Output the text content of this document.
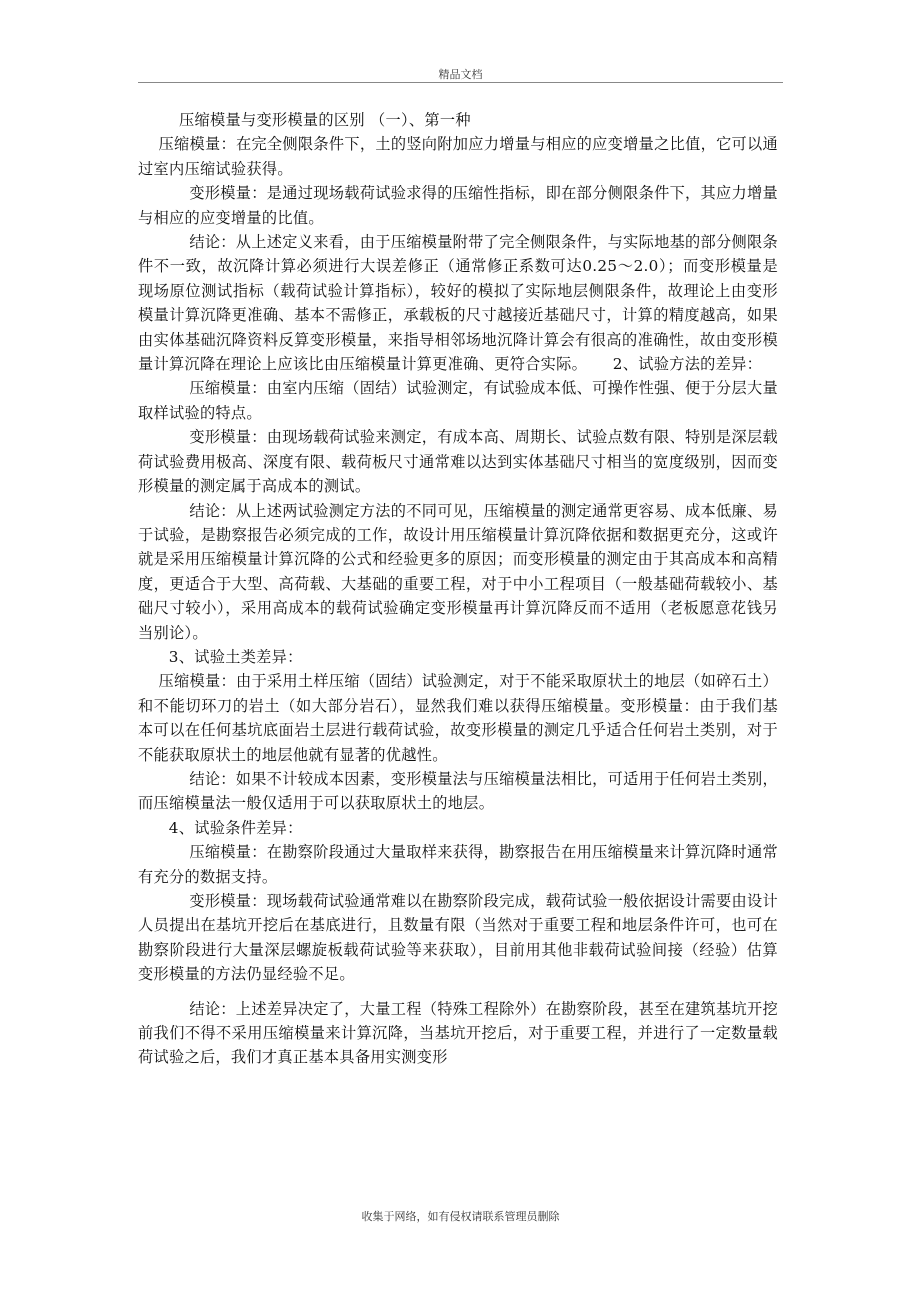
精品文档

压缩模量与变形模量的区别 （一）、第一种

压缩模量：在完全侧限条件下，土的竖向附加应力增量与相应的应变增量之比值，它可以通过室内压缩试验获得。

变形模量：是通过现场载荷试验求得的压缩性指标，即在部分侧限条件下，其应力增量与相应的应变增量的比值。

结论：从上述定义来看，由于压缩模量附带了完全侧限条件，与实际地基的部分侧限条件不一致，故沉降计算必须进行大误差修正（通常修正系数可达0.25～2.0）；而变形模量是现场原位测试指标（载荷试验计算指标），较好的模拟了实际地层侧限条件，故理论上由变形模量计算沉降更准确、基本不需修正，承载板的尺寸越接近基础尺寸，计算的精度越高，如果由实体基础沉降资料反算变形模量，来指导相邻场地沉降计算会有很高的准确性，故由变形模量计算沉降在理论上应该比由压缩模量计算更准确、更符合实际。     2、试验方法的差异：

压缩模量：由室内压缩（固结）试验测定，有试验成本低、可操作性强、便于分层大量取样试验的特点。

变形模量：由现场载荷试验来测定，有成本高、周期长、试验点数有限、特别是深层载荷试验费用极高、深度有限、载荷板尺寸通常难以达到实体基础尺寸相当的宽度级别，因而变形模量的测定属于高成本的测试。

结论：从上述两试验测定方法的不同可见，压缩模量的测定通常更容易、成本低廉、易于试验，是勘察报告必须完成的工作，故设计用压缩模量计算沉降依据和数据更充分，这或许就是采用压缩模量计算沉降的公式和经验更多的原因；而变形模量的测定由于其高成本和高精度，更适合于大型、高荷载、大基础的重要工程，对于中小工程项目（一般基础荷载较小、基础尺寸较小），采用高成本的载荷试验确定变形模量再计算沉降反而不适用（老板愿意花钱另当别论）。

3、试验土类差异：

压缩模量：由于采用土样压缩（固结）试验测定，对于不能采取原状土的地层（如碎石土）和不能切环刀的岩土（如大部分岩石），显然我们难以获得压缩模量。变形模量：由于我们基本可以在任何基坑底面岩土层进行载荷试验，故变形模量的测定几乎适合任何岩土类别，对于不能获取原状土的地层他就有显著的优越性。

结论：如果不计较成本因素，变形模量法与压缩模量法相比，可适用于任何岩土类别，而压缩模量法一般仅适用于可以获取原状土的地层。

4、试验条件差异：

压缩模量：在勘察阶段通过大量取样来获得，勘察报告在用压缩模量来计算沉降时通常有充分的数据支持。

变形模量：现场载荷试验通常难以在勘察阶段完成，载荷试验一般依据设计需要由设计人员提出在基坑开挖后在基底进行，且数量有限（当然对于重要工程和地层条件许可，也可在勘察阶段进行大量深层螺旋板载荷试验等来获取），目前用其他非载荷试验间接（经验）估算变形模量的方法仍显经验不足。

结论：上述差异决定了，大量工程（特殊工程除外）在勘察阶段，甚至在建筑基坑开挖前我们不得不采用压缩模量来计算沉降，当基坑开挖后，对于重要工程，并进行了一定数量载荷试验之后，我们才真正基本具备用实测变形

收集于网络，如有侵权请联系管理员删除
